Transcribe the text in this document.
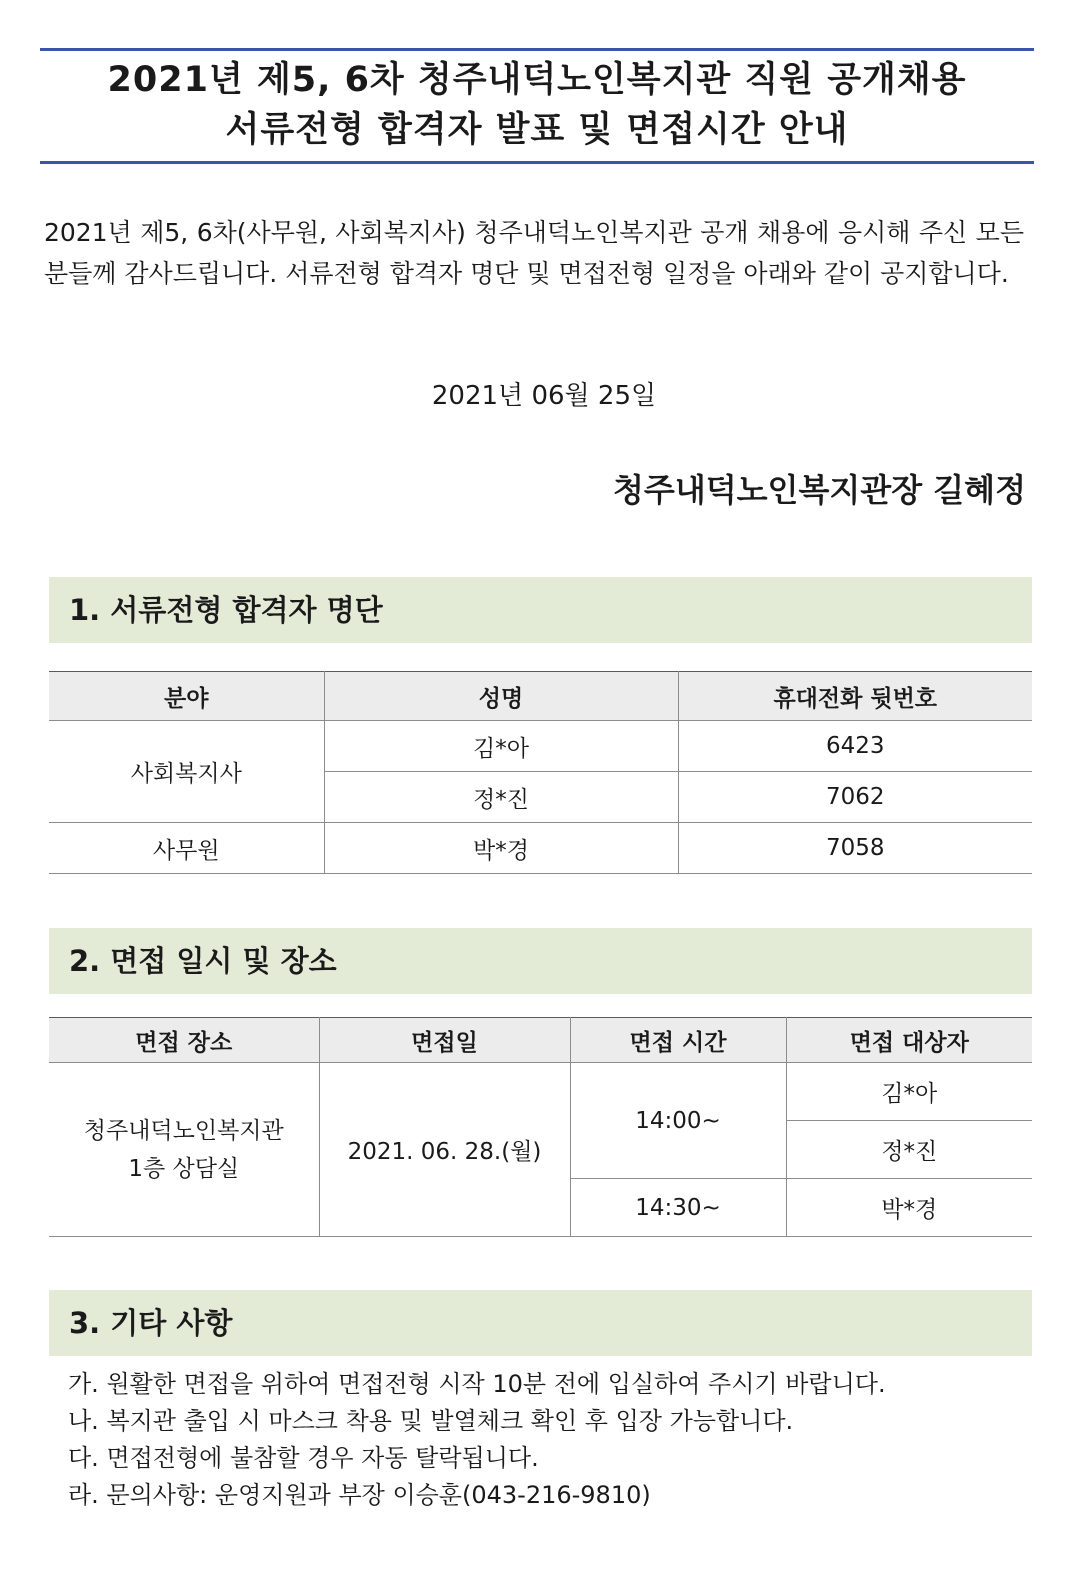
2021년 제5, 6차 청주내덕노인복지관 직원 공개채용
서류전형 합격자 발표 및 면접시간 안내
2021년 제5, 6차(사무원, 사회복지사) 청주내덕노인복지관 공개 채용에 응시해 주신 모든 분들께 감사드립니다. 서류전형 합격자 명단 및 면접전형 일정을 아래와 같이 공지합니다.
2021년 06월 25일
청주내덕노인복지관장 길혜정
1. 서류전형 합격자 명단
분야	성명	휴대전화 뒷번호
사회복지사	김*아	6423
	정*진	7062
사무원	박*경	7058
2. 면접 일시 및 장소
면접 장소	면접일	면접 시간	면접 대상자

청주내덕노인복지관
1층 상담실	2021. 06. 28.(월)	14:00~	김*아
			정*진
		14:30~	박*경
3. 기타 사항
가. 원활한 면접을 위하여 면접전형 시작 10분 전에 입실하여 주시기 바랍니다.
나. 복지관 출입 시 마스크 착용 및 발열체크 확인 후 입장 가능합니다.
다. 면접전형에 불참할 경우 자동 탈락됩니다.
라. 문의사항: 운영지원과 부장 이승훈(043-216-9810)
